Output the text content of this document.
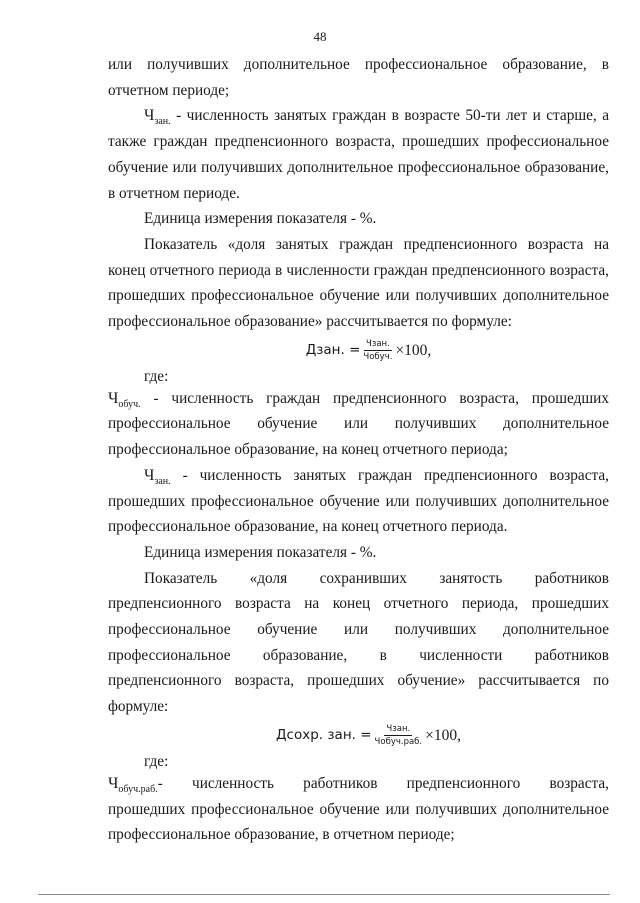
48

или получивших дополнительное профессиональное образование, в отчетном периоде;

$Ч_{зан.}$ - численность занятых граждан в возрасте 50-ти лет и старше, а также граждан предпенсионного возраста, прошедших профессиональное обучение или получивших дополнительное профессиональное образование, в отчетном периоде.

Единица измерения показателя - %.

Показатель «доля занятых граждан предпенсионного возраста на конец отчетного периода в численности граждан предпенсионного возраста, прошедших профессиональное обучение или получивших дополнительное профессиональное образование» рассчитывается по формуле:

Дзан. = $\frac{\text{Чзан.}}{\text{Чобуч.}} \times 100$,
где:

$Ч_{обуч.}$ - численность граждан предпенсионного возраста, прошедших

профессиональное обучение или получивших дополнительное

профессиональное образование, на конец отчетного периода;

$Ч_{зан.}$ - численность занятых граждан предпенсионного возраста, прошедших профессиональное обучение или получивших дополнительное профессиональное образование, на конец отчетного периода.

Единица измерения показателя - %.

Показатель «доля сохранивших занятость работников предпенсионного возраста на конец отчетного периода, прошедших профессиональное обучение или получивших дополнительное профессиональное образование, в численности работников предпенсионного возраста, прошедших обучение» рассчитывается по формуле:

Дсохр. зан. = $\frac{\text{Чзан.}}{\text{Чобуч.раб.}} \times 100$,
где:

$Ч_{обуч.раб.}-$ численность работников предпенсионного возраста,

прошедших профессиональное обучение или получивших дополнительное профессиональное образование, в отчетном периоде;
